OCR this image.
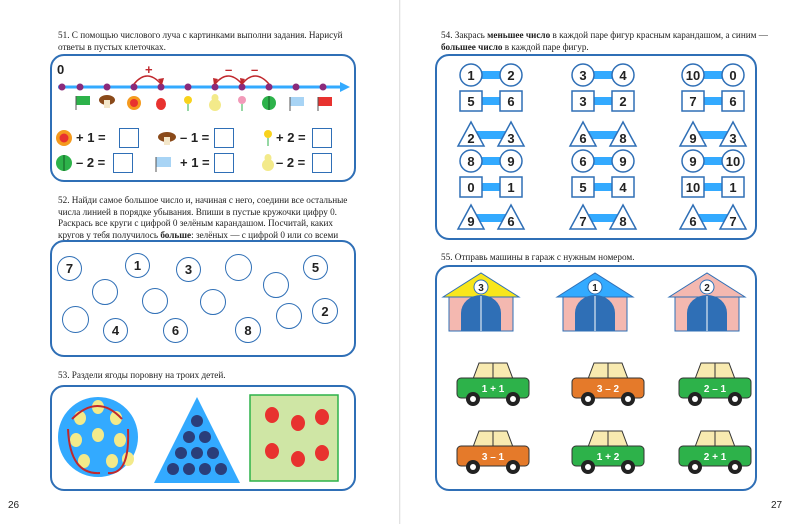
51. С помощью числового луча с картинками выполни задания. Нарисуй ответы в пустых клеточках.
0	+	– –
+ 1 =	– 1 =	+ 2 =
– 2 =	+ 1 =	– 2 =
52. Найди самое большое число и, начиная с него, соедини все остальные числа линией в порядке убывания. Впиши в пустые кружочки цифру 0. Раскрась все круги с цифрой 0 зелёным карандашом. Посчитай, каких кругов у тебя получилось больше: зелёных — с цифрой 0 или со всеми
7	1	3	5
2
4	6	8
53. Раздели ягоды поровну на троих детей.
26
54. Закрась меньшее число в каждой паре фигур красным карандашом, а синим — большее число в каждой паре фигур.
1	2	3	4	10 0
5	6	3	2	7	6
2	3	6	8	9	3
8	9	6	9	9 10
0	1	5	4	10 1
9	6	7	8	6	7
55. Отправь машины в гараж с нужным номером.
3	1	2
1 + 1	3 – 2	2 – 1
3 – 1	1 + 2	2 + 1
27
